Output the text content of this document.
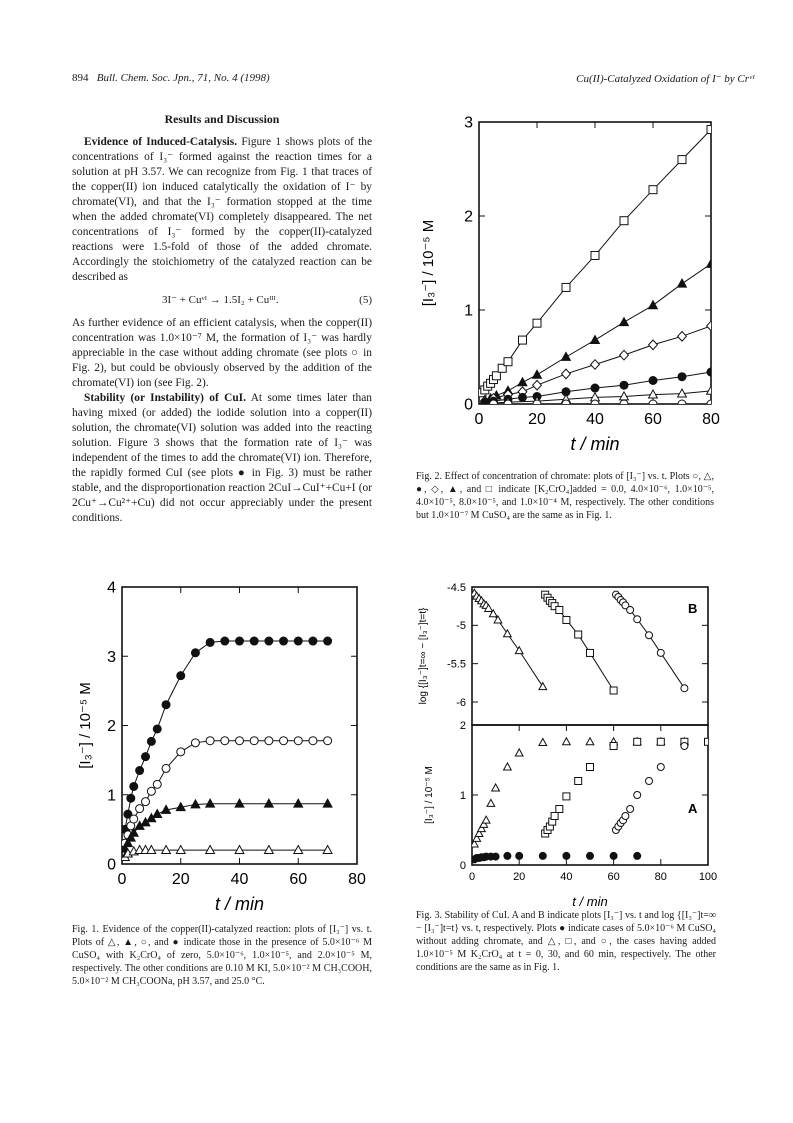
894 Bull. Chem. Soc. Jpn., 71, No. 4 (1998)	Cu(II)-Catalyzed Oxidation of I⁻ by Crᵛᴵ
Results and Discussion

Evidence of Induced-Catalysis. Figure 1 shows plots of the concentrations of I₃⁻ formed against the reaction times for a solution at pH 3.57. We can recognize from Fig. 1 that traces of the copper(II) ion induced catalytically the oxidation of I⁻ by chromate(VI), and that the I₃⁻ formation stopped at the time when the added chromate(VI) completely disappeared. The net concentrations of I₃⁻ formed by the copper(II)-catalyzed reactions were 1.5-fold of those of the added chromate. Accordingly the stoichiometry of the catalyzed reaction can be described as

3I⁻ + Cuᵛᴵ → 1.5I₂ + Cuᴵᴵᴵ.	(5)

As further evidence of an efficient catalysis, when the copper(II) concentration was 1.0×10⁻⁷ M, the formation of I₃⁻ was hardly appreciable in the case without adding chromate (see plots ○ in Fig. 2), but could be obviously observed by the addition of the chromate(VI) ion (see Fig. 2).

Stability (or Instability) of CuI. At some times later than having mixed (or added) the iodide solution into a copper(II) solution, the chromate(VI) solution was added into the reacting solution. Figure 3 shows that the formation rate of I₃⁻ was independent of the times to add the chromate(VI) ion. Therefore, the rapidly formed CuI (see plots ● in Fig. 3) must be rather stable, and the disproportionation reaction 2CuI→CuI⁺+Cu+I (or 2Cu⁺→Cu²⁺+Cu) did not occur appreciably under the present conditions.

0	20	40	60	80
0
1
2
3
t / min
[I₃⁻] / 10⁻⁵ M
Fig. 2. Effect of concentration of chromate: plots of [I₃⁻] vs. t. Plots ○, △, ●, ◇, ▲, and □ indicate [K₂CrO₄]added = 0.0, 4.0×10⁻⁶, 1.0×10⁻⁵, 4.0×10⁻⁵, 8.0×10⁻⁵, and 1.0×10⁻⁴ M, respectively. The other conditions but 1.0×10⁻⁷ M CuSO₄ are the same as in Fig. 1.
0	20	40	60	80
0
1
2
3
4
t / min
[I₃⁻] / 10⁻⁵ M
Fig. 1. Evidence of the copper(II)-catalyzed reaction: plots of [I₃⁻] vs. t. Plots of △, ▲, ○, and ● indicate those in the presence of 5.0×10⁻⁶ M CuSO₄ with K₂CrO₄ of zero, 5.0×10⁻⁶, 1.0×10⁻⁵, and 2.0×10⁻⁵ M, respectively. The other conditions are 0.10 M KI, 5.0×10⁻² M CH₃COOH, 5.0×10⁻² M CH₃COONa, pH 3.57, and 25.0 °C.
-4.5
-5
-5.5
-6
log {[I₃⁻]t=∞ − [I₃⁻]t=t}	B
0	20	40	60	80	100
0
1
2
t / min
[I₃⁻] / 10⁻⁵ M	A
Fig. 3. Stability of CuI. A and B indicate plots [I₃⁻] vs. t and log {[I₃⁻]t=∞ − [I₃⁻]t=t} vs. t, respectively. Plots ● indicate cases of 5.0×10⁻⁶ M CuSO₄ without adding chromate, and △, □, and ○, the cases having added 1.0×10⁻⁵ M K₂CrO₄ at t = 0, 30, and 60 min, respectively. The other conditions are the same as in Fig. 1.
